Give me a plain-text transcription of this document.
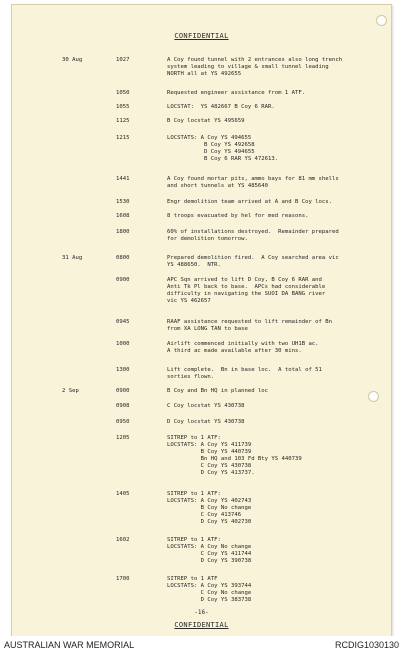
CONFIDENTIAL
30 Aug	1027	A Coy found tunnel with 2 entrances also long trench
system leading to village & small tunnel leading
NORTH all at YS 492655
1050	Requested engineer assistance from 1 ATF.
1055	LOCSTAT:  YS 482667 B Coy 6 RAR.
1125	B Coy locstat YS 495659
1215	LOCSTATS: A Coy YS 494655
B Coy YS 492658
D Coy YS 494655
B Coy 6 RAR YS 472613.
1441	A Coy found mortar pits, ammo bays for 81 mm shells
and short tunnels at YS 485640
1530	Engr demolition team arrived at A and B Coy locs.
1608	8 troops evacuated by hel for med reasons.
1800	60% of installations destroyed.  Remainder prepared
for demolition tomorrow.
31 Aug	0800	Prepared demolition fired.  A Coy searched area vic
YS 488650.  NTR.
0900	APC Sqn arrived to lift D Coy, B Coy 6 RAR and
Anti Tk Pl back to base.  APCs had considerable
difficulty in navigating the SUOI DA BANG river
vic YS 462657
0945	RAAF assistance requested to lift remainder of Bn
from XA LONG TAN to base
1000	Airlift commenced initially with two UH1B ac.
A third ac made available after 30 mins.
1300	Lift complete.  Bn in base loc.  A total of 51
sorties flown.
2 Sep	0900	B Coy and Bn HQ in planned loc
0908	C Coy locstat YS 430738
0950	D Coy locstat YS 430738
1205	SITREP to 1 ATF:
LOCSTATS: A Coy YS 411739
B Coy YS 440739
Bn HQ and 103 Fd Bty YS 440739
C Coy YS 430738
D Coy YS 413737.
1405	SITREP to 1 ATF:
LOCSTATS: A Coy YS 402743
B Coy No change
C Coy 413746
D Coy YS 402730
1602	SITREP to 1 ATF:
LOCSTATS: A Coy No change
C Coy YS 411744
D Coy YS 390738
1700	SITREP to 1 ATF
LOCSTATS: A Coy YS 393744
C Coy No change
D Coy YS 383738
-16-
CONFIDENTIAL
AUSTRALIAN WAR MEMORIAL	RCDIG1030130
